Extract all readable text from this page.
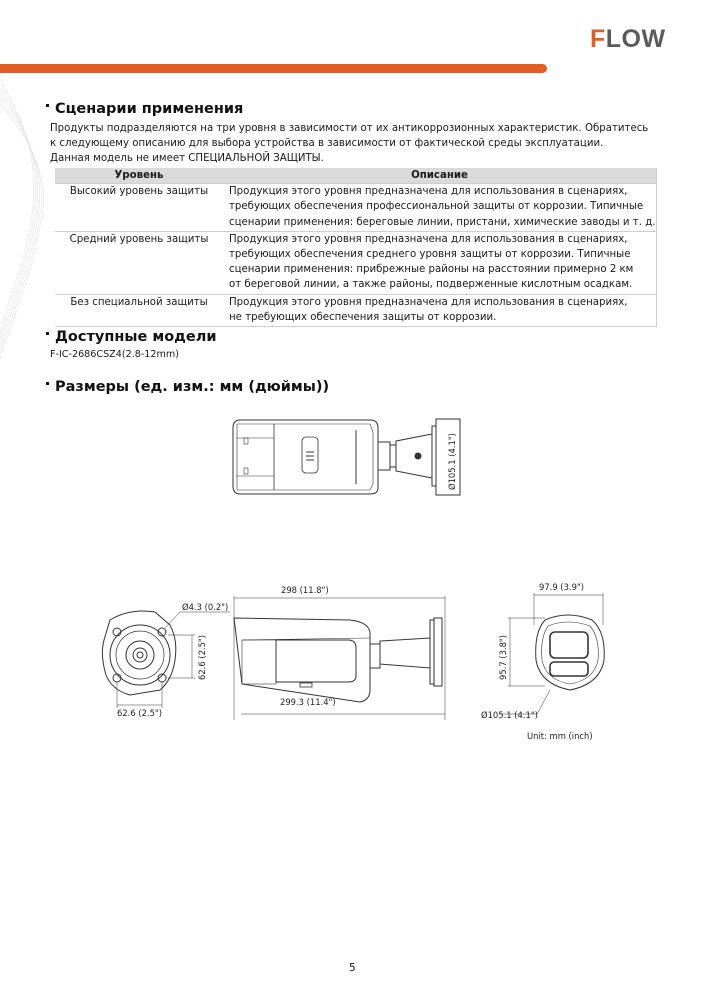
FLOW
Сценарии применения
Продукты подразделяются на три уровня в зависимости от их антикоррозионных характеристик. Обратитесь
к следующему описанию для выбора устройства в зависимости от фактической среды эксплуатации.
Данная модель не имеет СПЕЦИАЛЬНОЙ ЗАЩИТЫ.
Уровень	Описание
Высокий уровень защиты	Продукция этого уровня предназначена для использования в сценариях,
требующих обеспечения профессиональной защиты от коррозии. Типичные
сценарии применения: береговые линии, пристани, химические заводы и т. д.

Средний уровень защиты	Продукция этого уровня предназначена для использования в сценариях,
требующих обеспечения среднего уровня защиты от коррозии. Типичные
сценарии применения: прибрежные районы на расстоянии примерно 2 км
от береговой линии, а также районы, подверженные кислотным осадкам.

Без специальной защиты	Продукция этого уровня предназначена для использования в сценариях,
не требующих обеспечения защиты от коррозии.
Доступные модели
F-IC-2686CSZ4(2.8-12mm)
Размеры (ед. изм.: мм (дюймы))
Ø105.1 (4.1")
Ø4.3 (0.2")
62.6 (2.5")
62.6 (2.5")
298 (11.8")
299.3 (11.4")
97.9 (3.9")
95.7 (3.8")
Ø105.1 (4.1")
Unit: mm (inch)
5
